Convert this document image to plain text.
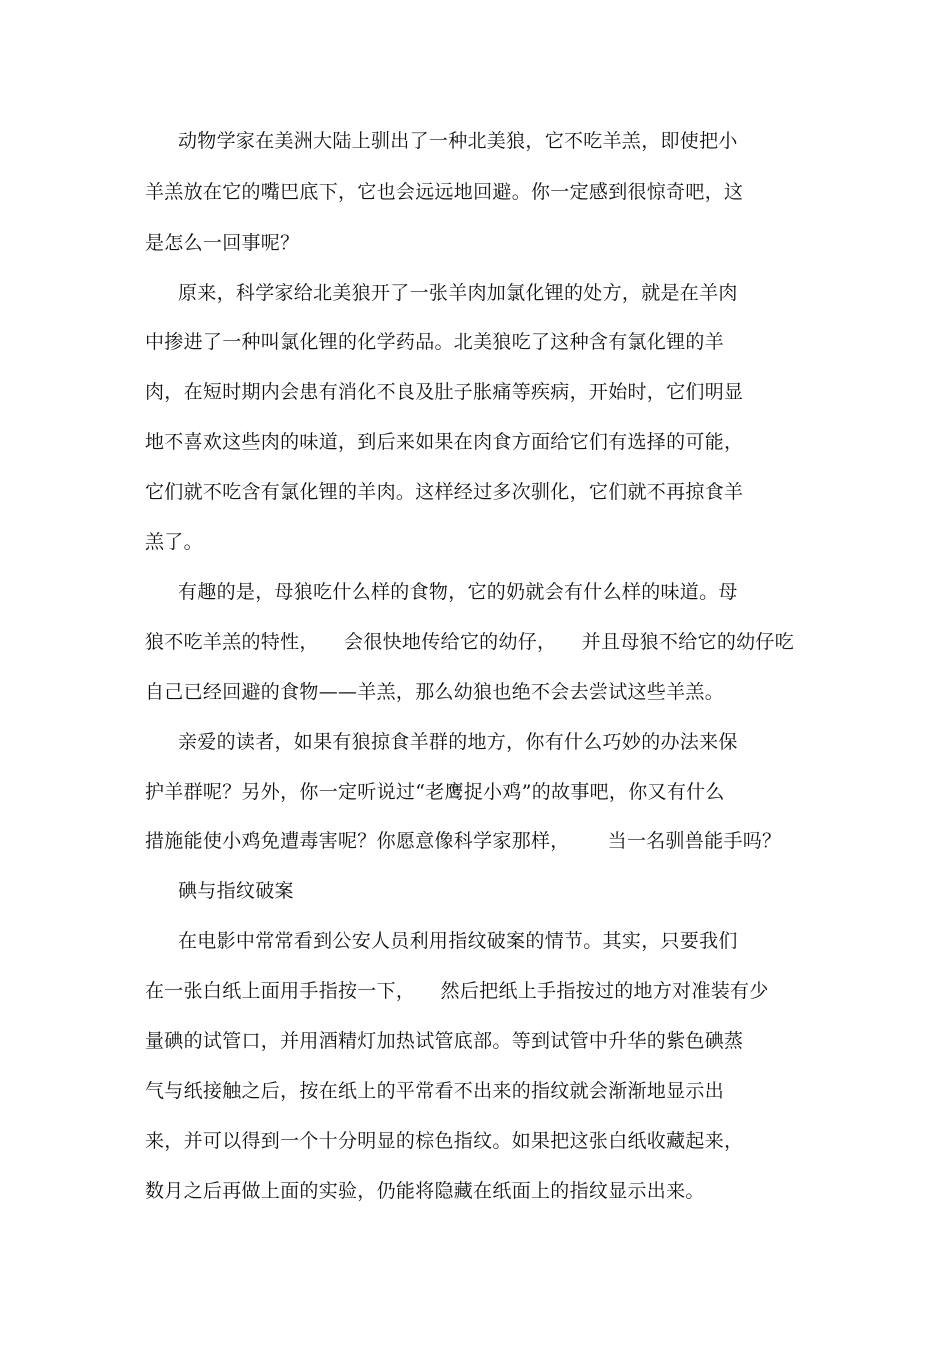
动物学家在美洲大陆上驯出了一种北美狼，它不吃羊羔，即使把小
羊羔放在它的嘴巴底下，它也会远远地回避。你一定感到很惊奇吧，这
是怎么一回事呢？
原来，科学家给北美狼开了一张羊肉加氯化锂的处方，就是在羊肉
中掺进了一种叫氯化锂的化学药品。北美狼吃了这种含有氯化锂的羊
肉，在短时期内会患有消化不良及肚子胀痛等疾病，开始时，它们明显
地不喜欢这些肉的味道，到后来如果在肉食方面给它们有选择的可能，
它们就不吃含有氯化锂的羊肉。这样经过多次驯化，它们就不再掠食羊
羔了。
有趣的是，母狼吃什么样的食物，它的奶就会有什么样的味道。母
狼不吃羊羔的特性，    会很快地传给它的幼仔，    并且母狼不给它的幼仔吃
自己已经回避的食物——羊羔，那么幼狼也绝不会去尝试这些羊羔。
亲爱的读者，如果有狼掠食羊群的地方，你有什么巧妙的办法来保
护羊群呢？另外，你一定听说过“老鹰捉小鸡”的故事吧，你又有什么
措施能使小鸡免遭毒害呢？你愿意像科学家那样，      当一名驯兽能手吗？
碘与指纹破案
在电影中常常看到公安人员利用指纹破案的情节。其实，只要我们
在一张白纸上面用手指按一下，    然后把纸上手指按过的地方对准装有少
量碘的试管口，并用酒精灯加热试管底部。等到试管中升华的紫色碘蒸
气与纸接触之后，按在纸上的平常看不出来的指纹就会渐渐地显示出
来，并可以得到一个十分明显的棕色指纹。如果把这张白纸收藏起来，
数月之后再做上面的实验，仍能将隐藏在纸面上的指纹显示出来。
